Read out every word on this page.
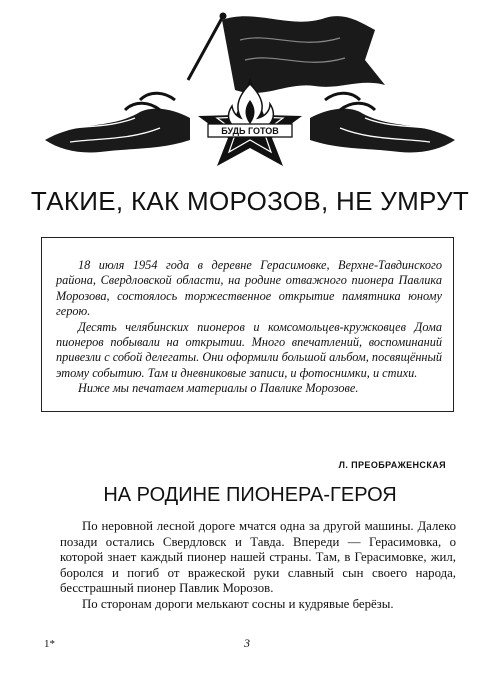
БУДЬ ГОТОВ
ТАКИЕ, КАК МОРОЗОВ, НЕ УМРУТ

18 июля 1954 года в деревне Герасимовке, Верхне-Тавдинского района, Свердловской области, на родине отважного пионера Павлика Морозова, состоялось торжественное открытие памятника юному герою.

Десять челябинских пионеров и комсомольцев-кружковцев Дома пионеров побывали на открытии. Много впечатлений, воспоминаний привезли с собой делегаты. Они оформили большой альбом, посвящённый этому событию. Там и дневниковые записи, и фотоснимки, и стихи.

Ниже мы печатаем материалы о Павлике Морозове.

Л. ПРЕОБРАЖЕНСКАЯ
НА РОДИНЕ ПИОНЕРА-ГЕРОЯ

По неровной лесной дороге мчатся одна за другой машины. Далеко позади остались Свердловск и Тавда. Впереди — Герасимовка, о которой знает каждый пионер нашей страны. Там, в Герасимовке, жил, боролся и погиб от вражеской руки славный сын своего народа, бесстрашный пионер Павлик Морозов.

По сторонам дороги мелькают сосны и кудрявые берёзы.

1*	3
